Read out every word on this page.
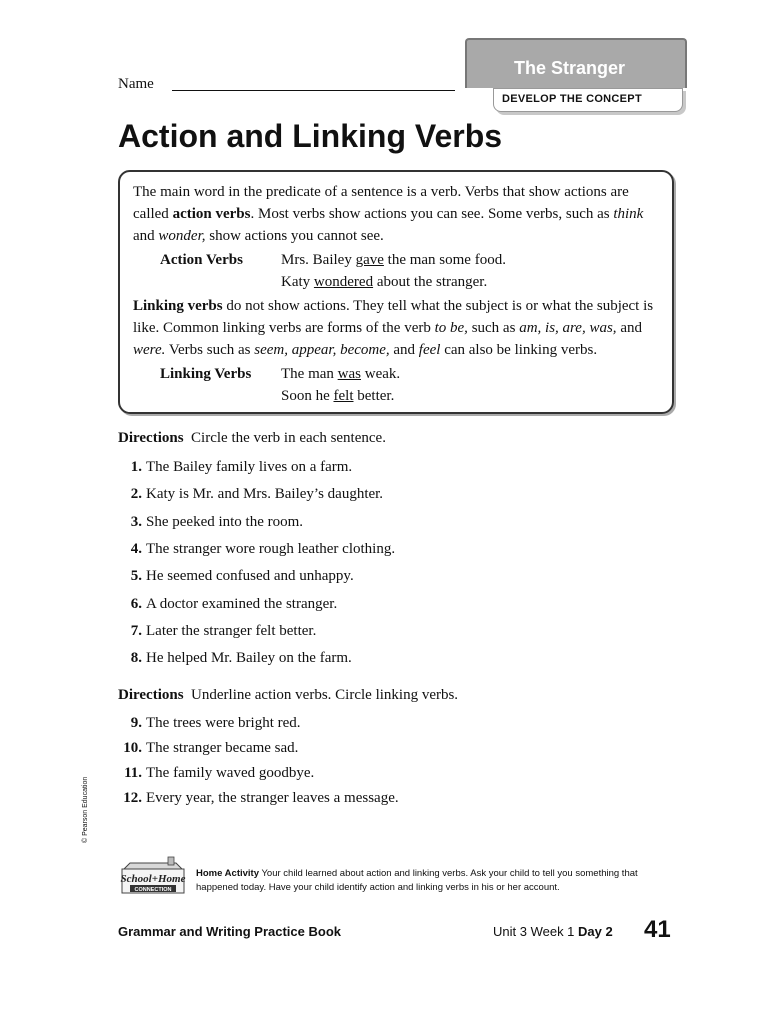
The Stranger
DEVELOP THE CONCEPT
Name
Action and Linking Verbs

The main word in the predicate of a sentence is a verb. Verbs that show actions are called action verbs. Most verbs show actions you can see. Some verbs, such as think and wonder, show actions you cannot see.

Action Verbs	Mrs. Bailey gave the man some food.
Katy wondered about the stranger.

Linking verbs do not show actions. They tell what the subject is or what the subject is like. Common linking verbs are forms of the verb to be, such as am, is, are, was, and were. Verbs such as seem, appear, become, and feel can also be linking verbs.

Linking Verbs The man was weak.
Soon he felt better.
Directions Circle the verb in each sentence.
1. The Bailey family lives on a farm.
2. Katy is Mr. and Mrs. Bailey’s daughter.
3. She peeked into the room.
4. The stranger wore rough leather clothing.
5. He seemed confused and unhappy.
6. A doctor examined the stranger.
7. Later the stranger felt better.
8. He helped Mr. Bailey on the farm.
Directions Underline action verbs. Circle linking verbs.
9. The trees were bright red.
10. The stranger became sad.
11. The family waved goodbye.
12. Every year, the stranger leaves a message.
© Pearson Education
School+Home
CONNECTION
Home Activity Your child learned about action and linking verbs. Ask your child to tell you something that happened today. Have your child identify action and linking verbs in his or her account.
Grammar and Writing Practice Book	Unit 3 Week 1 Day 2 41
